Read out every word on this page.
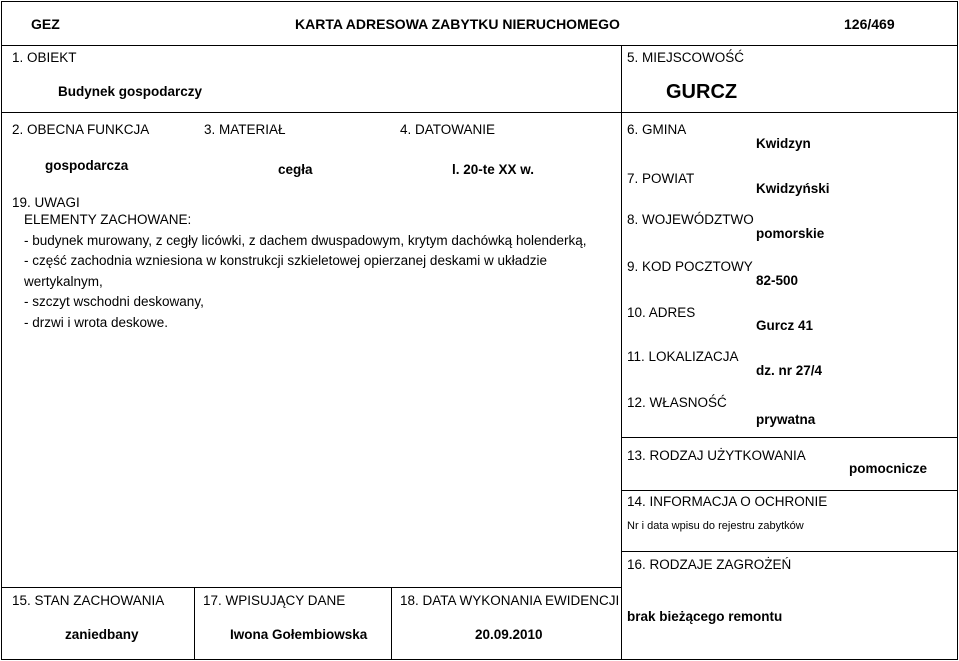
GEZ	KARTA ADRESOWA ZABYTKU NIERUCHOMEGO	126/469
1. OBIEKT
Budynek gospodarczy
2. OBECNA FUNKCJA
gospodarcza
3. MATERIAŁ
cegła
4. DATOWANIE
l. 20-te XX w.
19. UWAGI
ELEMENTY ZACHOWANE:
- budynek murowany, z cegły licówki, z dachem dwuspadowym, krytym dachówką holenderką,
- część zachodnia wzniesiona w konstrukcji szkieletowej opierzanej deskami w układzie
wertykalnym,
- szczyt wschodni deskowany,
- drzwi i wrota deskowe.
15. STAN ZACHOWANIA
zaniedbany
17. WPISUJĄCY DANE
Iwona Gołembiowska
18. DATA WYKONANIA EWIDENCJI
20.09.2010
5. MIEJSCOWOŚĆ
GURCZ
6. GMINA
Kwidzyn
7. POWIAT
Kwidzyński
8. WOJEWÓDZTWO
pomorskie
9. KOD POCZTOWY
82-500
10. ADRES
Gurcz 41
11. LOKALIZACJA
dz. nr 27/4
12. WŁASNOŚĆ
prywatna
13. RODZAJ UŻYTKOWANIA
pomocnicze
14. INFORMACJA O OCHRONIE
Nr i data wpisu do rejestru zabytków
16. RODZAJE ZAGROŻEŃ
brak bieżącego remontu
